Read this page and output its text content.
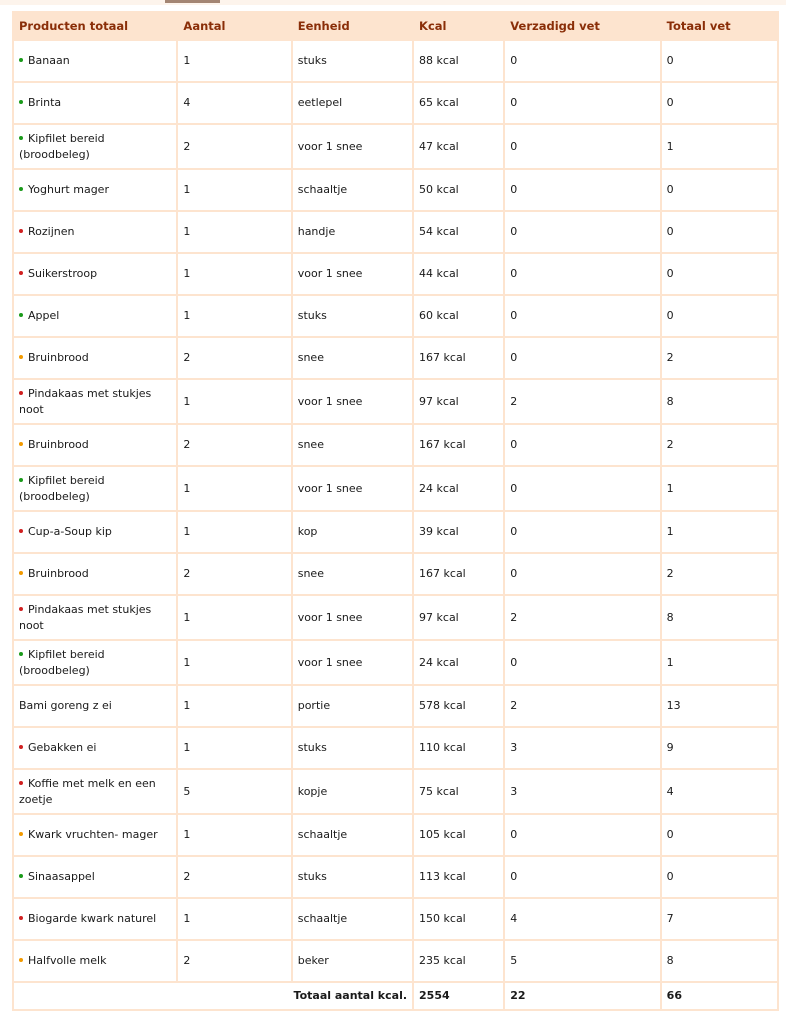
Producten totaal	Aantal	Eenheid	Kcal	Verzadigd vet	Totaal vet
Banaan	1	stuks	88 kcal	0	0
Brinta	4	eetlepel	65 kcal	0	0
Kipfilet bereid (broodbeleg)	2	voor 1 snee	47 kcal	0	1
Yoghurt mager	1	schaaltje	50 kcal	0	0
Rozijnen	1	handje	54 kcal	0	0
Suikerstroop	1	voor 1 snee	44 kcal	0	0
Appel	1	stuks	60 kcal	0	0
Bruinbrood	2	snee	167 kcal	0	2
Pindakaas met stukjes noot	1	voor 1 snee	97 kcal	2	8
Bruinbrood	2	snee	167 kcal	0	2
Kipfilet bereid (broodbeleg)	1	voor 1 snee	24 kcal	0	1
Cup-a-Soup kip	1	kop	39 kcal	0	1
Bruinbrood	2	snee	167 kcal	0	2
Pindakaas met stukjes noot	1	voor 1 snee	97 kcal	2	8
Kipfilet bereid (broodbeleg)	1	voor 1 snee	24 kcal	0	1
Bami goreng z ei	1	portie	578 kcal	2	13
Gebakken ei	1	stuks	110 kcal	3	9
Koffie met melk en een zoetje	5	kopje	75 kcal	3	4
Kwark vruchten- mager	1	schaaltje	105 kcal	0	0
Sinaasappel	2	stuks	113 kcal	0	0
Biogarde kwark naturel	1	schaaltje	150 kcal	4	7
Halfvolle melk	2	beker	235 kcal	5	8
Totaal aantal kcal.			2554	22	66
